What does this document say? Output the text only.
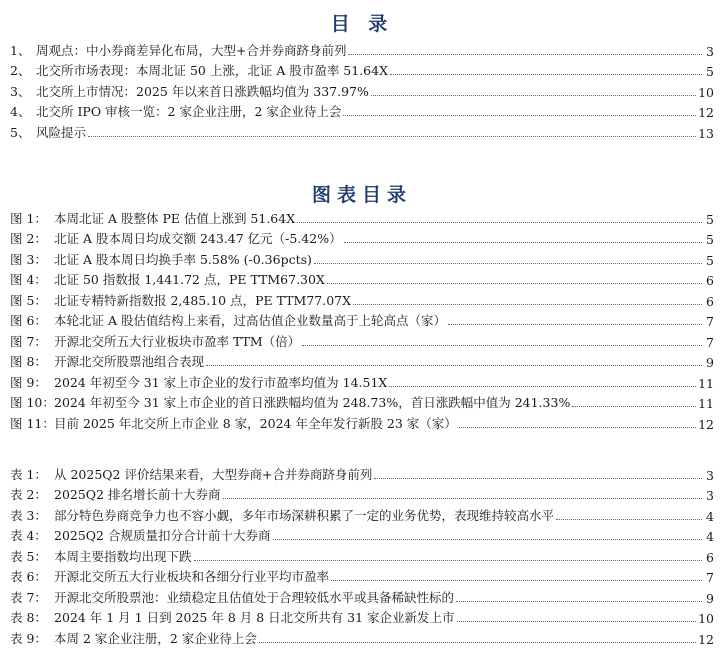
目 录
1、 周观点：中小券商差异化布局，大型+合并券商跻身前列	3
2、 北交所市场表现：本周北证 50 上涨，北证 A 股市盈率 51.64X	5
3、 北交所上市情况：2025 年以来首日涨跌幅均值为 337.97%	10
4、 北交所 IPO 审核一览：2 家企业注册，2 家企业待上会	12
5、 风险提示	13
图表目录
图 1： 本周北证 A 股整体 PE 估值上涨到 51.64X	5
图 2： 北证 A 股本周日均成交额 243.47 亿元（-5.42%）	5
图 3： 北证 A 股本周日均换手率 5.58% (-0.36pcts)	5
图 4： 北证 50 指数报 1,441.72 点，PE TTM67.30X	6
图 5： 北证专精特新指数报 2,485.10 点，PE TTM77.07X	6
图 6： 本轮北证 A 股估值结构上来看，过高估值企业数量高于上轮高点（家）	7
图 7： 开源北交所五大行业板块市盈率 TTM（倍）	7
图 8： 开源北交所股票池组合表现	9
图 9： 2024 年初至今 31 家上市企业的发行市盈率均值为 14.51X	11
图 10： 2024 年初至今 31 家上市企业的首日涨跌幅均值为 248.73%，首日涨跌幅中值为 241.33%	11
图 11： 目前 2025 年北交所上市企业 8 家，2024 年全年发行新股 23 家（家）	12
表 1： 从 2025Q2 评价结果来看，大型券商+合并券商跻身前列	3
表 2： 2025Q2 排名增长前十大券商	3
表 3： 部分特色券商竞争力也不容小觑，多年市场深耕积累了一定的业务优势，表现维持较高水平	4
表 4： 2025Q2 合规质量扣分合计前十大券商	4
表 5： 本周主要指数均出现下跌	6
表 6： 开源北交所五大行业板块和各细分行业平均市盈率	7
表 7： 开源北交所股票池：业绩稳定且估值处于合理较低水平或具备稀缺性标的	9
表 8： 2024 年 1 月 1 日到 2025 年 8 月 8 日北交所共有 31 家企业新发上市	10
表 9： 本周 2 家企业注册，2 家企业待上会	12
